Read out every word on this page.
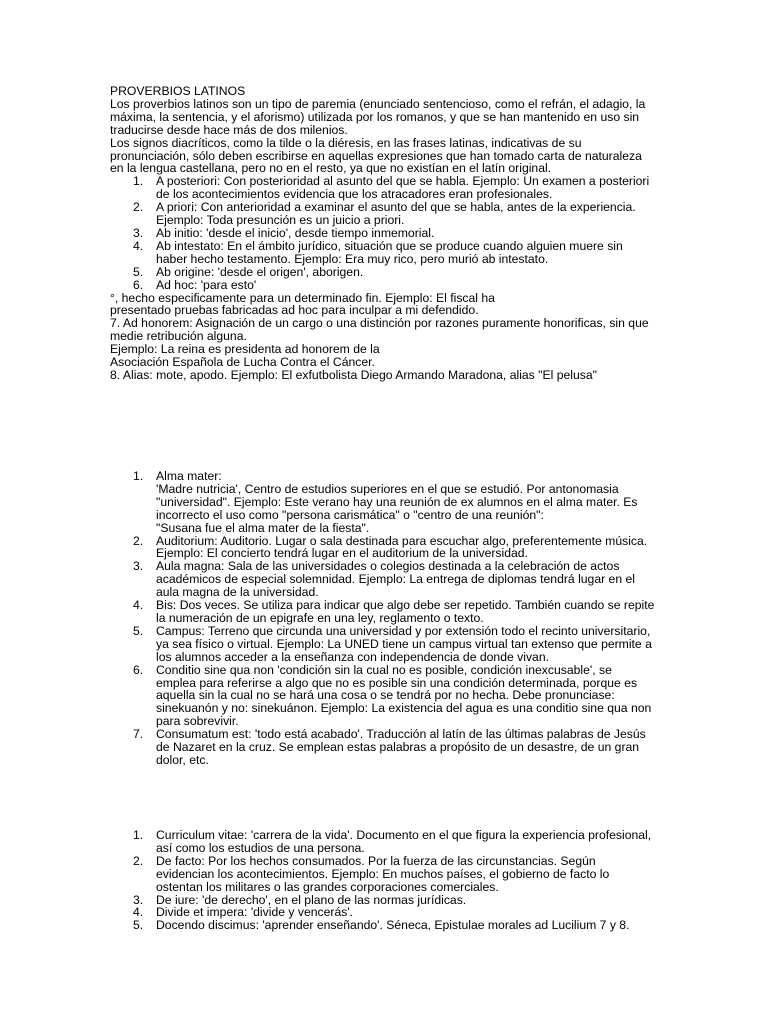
PROVERBIOS LATINOS

Los proverbios latinos son un tipo de paremia (enunciado sentencioso, como el refrán, el adagio, la máxima, la sentencia, y el aforismo) utilizada por los romanos, y que se han mantenido en uso sin traducirse desde hace más de dos milenios.

Los signos diacríticos, como la tilde o la diéresis, en las frases latinas, indicativas de su pronunciación, sólo deben escribirse en aquellas expresiones que han tomado carta de naturaleza en la lengua castellana, pero no en el resto, ya que no existían en el latín original.

1. A posteriori: Con posterioridad al asunto del que se habla. Ejemplo: Un examen a posteriori de los acontecimientos evidencia que los atracadores eran profesionales.
2. A priori: Con anterioridad a examinar el asunto del que se habla, antes de la experiencia. Ejemplo: Toda presunción es un juicio a priori.
3. Ab initio: 'desde el inicio', desde tiempo inmemorial.
4. Ab intestato: En el ámbito jurídico, situación que se produce cuando alguien muere sin haber hecho testamento. Ejemplo: Era muy rico, pero murió ab intestato.
5. Ab origine: 'desde el origen', aborigen.
6. Ad hoc: 'para esto'

°, hecho especificamente para un determinado fin. Ejemplo: El fiscal ha

presentado pruebas fabricadas ad hoc para inculpar a mi defendido.

7. Ad honorem: Asignación de un cargo o una distinción por razones puramente honorificas, sin que medie retribución alguna.

Ejemplo: La reina es presidenta ad honorem de la

Asociación Española de Lucha Contra el Cáncer.

8. Alias: mote, apodo. Ejemplo: El exfutbolista Diego Armando Maradona, alias "El pelusa"

1. Alma mater:

'Madre nutricia', Centro de estudios superiores en el que se estudió. Por antonomasia "universidad". Ejemplo: Este verano hay una reunión de ex alumnos en el alma mater. Es incorrecto el uso como "persona carismática" o "centro de una reunión":

"Susana fue el alma mater de la fiesta".

2. Auditorium: Auditorio. Lugar o sala destinada para escuchar algo, preferentemente música. Ejemplo: El concierto tendrá lugar en el auditorium de la universidad.
3. Aula magna: Sala de las universidades o colegios destinada a la celebración de actos académicos de especial solemnidad. Ejemplo: La entrega de diplomas tendrá lugar en el aula magna de la universidad.
4. Bis: Dos veces. Se utiliza para indicar que algo debe ser repetido. También cuando se repite la numeración de un epigrafe en una ley, reglamento o texto.
5. Campus: Terreno que circunda una universidad y por extensión todo el recinto universitario, ya sea físico o virtual. Ejemplo: La UNED tiene un campus virtual tan extenso que permite a los alumnos acceder a la enseñanza con independencia de donde vivan.
6. Conditio sine qua non 'condición sin la cual no es posible, condición inexcusable', se emplea para referirse a algo que no es posible sin una condición determinada, porque es aquella sin la cual no se hará una cosa o se tendrá por no hecha. Debe pronunciase: sinekuanón y no: sinekuánon. Ejemplo: La existencia del agua es una conditio sine qua non para sobrevivir.
7. Consumatum est: 'todo está acabado'. Traducción al latín de las últimas palabras de Jesús de Nazaret en la cruz. Se emplean estas palabras a propósito de un desastre, de un gran dolor, etc.
1. Curriculum vitae: 'carrera de la vida'. Documento en el que figura la experiencia profesional, así como los estudios de una persona.
2. De facto: Por los hechos consumados. Por la fuerza de las circunstancias. Según evidencian los acontecimientos. Ejemplo: En muchos países, el gobierno de facto lo ostentan los militares o las grandes corporaciones comerciales.
3. De iure: 'de derecho', en el plano de las normas jurídicas.
4. Divide et impera: 'divide y vencerás'.
5. Docendo discimus: 'aprender enseñando'. Séneca, Epistulae morales ad Lucilium 7 y 8.
